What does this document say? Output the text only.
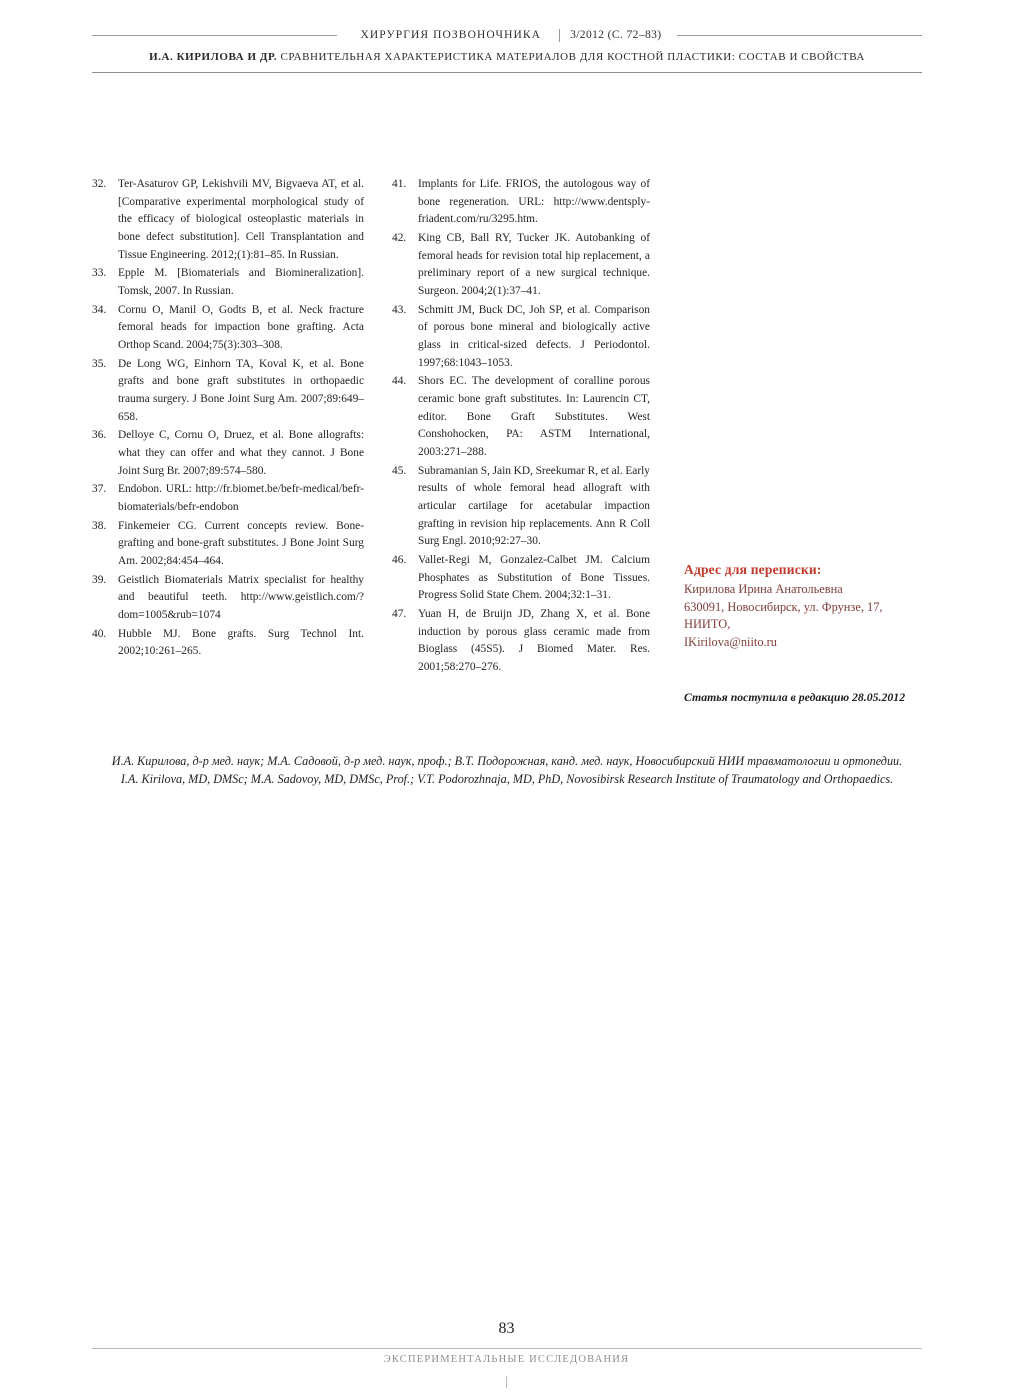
ХИРУРГИЯ ПОЗВОНОЧНИКА	3/2012 (С. 72–83)
И.А. КИРИЛОВА И ДР. СРАВНИТЕЛЬНАЯ ХАРАКТЕРИСТИКА МАТЕРИАЛОВ ДЛЯ КОСТНОЙ ПЛАСТИКИ: СОСТАВ И СВОЙСТВА
32.	Ter-Asaturov GP, Lekishvili MV, Bigvaeva AT, et al. [Comparative experimental morphological study of the efficacy of biological osteoplastic materials in bone defect substitution]. Cell Transplantation and Tissue Engineering. 2012;(1):81–85. In Russian.
33.	Epple M. [Biomaterials and Biomineralization]. Tomsk, 2007. In Russian.
34.	Cornu O, Manil O, Godts B, et al. Neck fracture femoral heads for impaction bone grafting. Acta Orthop Scand. 2004;75(3):303–308.
35.	De Long WG, Einhorn TA, Koval K, et al. Bone grafts and bone graft substitutes in orthopaedic trauma surgery. J Bone Joint Surg Am. 2007;89:649–658.
36.	Delloye C, Cornu O, Druez, et al. Bone allografts: what they can offer and what they cannot. J Bone Joint Surg Br. 2007;89:574–580.
37.	Endobon. URL: http://fr.biomet.be/befr-medical/befr-biomaterials/befr-endobon
38.	Finkemeier CG. Current concepts review. Bone-grafting and bone-graft substitutes. J Bone Joint Surg Am. 2002;84:454–464.
39.	Geistlich Biomaterials Matrix specialist for healthy and beautiful teeth. http://www.geistlich.com/?dom=1005&rub=1074
40.	Hubble MJ. Bone grafts. Surg Technol Int. 2002;10:261–265.
41.	Implants for Life. FRIOS, the autologous way of bone regeneration. URL: http://www.dentsply-friadent.com/ru/3295.htm.
42.	King CB, Ball RY, Tucker JK. Autobanking of femoral heads for revision total hip replacement, a preliminary report of a new surgical technique. Surgeon. 2004;2(1):37–41.
43.	Schmitt JM, Buck DC, Joh SP, et al. Comparison of porous bone mineral and biologically active glass in critical-sized defects. J Periodontol. 1997;68:1043–1053.
44.	Shors EC. The development of coralline porous ceramic bone graft substitutes. In: Laurencin CT, editor. Bone Graft Substitutes. West Conshohocken, PA: ASTM International, 2003:271–288.
45.	Subramanian S, Jain KD, Sreekumar R, et al. Early results of whole femoral head allograft with articular cartilage for acetabular impaction grafting in revision hip replacements. Ann R Coll Surg Engl. 2010;92:27–30.
46.	Vallet-Regi M, Gonzalez-Calbet JM. Calcium Phosphates as Substitution of Bone Tissues. Progress Solid State Chem. 2004;32:1–31.
47.	Yuan H, de Bruijn JD, Zhang X, et al. Bone induction by porous glass ceramic made from Bioglass (45S5). J Biomed Mater. Res. 2001;58:270–276.
Адрес для переписки:
Кирилова Ирина Анатольевна
630091, Новосибирск, ул. Фрунзе, 17,
НИИТО,
IKirilova@niito.ru
Статья поступила в редакцию 28.05.2012
И.А. Кирилова, д-р мед. наук; М.А. Садовой, д-р мед. наук, проф.; В.Т. Подорожная, канд. мед. наук, Новосибирский НИИ травматологии и ортопедии.
I.A. Kirilova, MD, DMSc; M.A. Sadovoy, MD, DMSc, Prof.; V.T. Podorozhnaja, MD, PhD, Novosibirsk Research Institute of Traumatology and Orthopaedics.
83
ЭКСПЕРИМЕНТАЛЬНЫЕ ИССЛЕДОВАНИЯ
